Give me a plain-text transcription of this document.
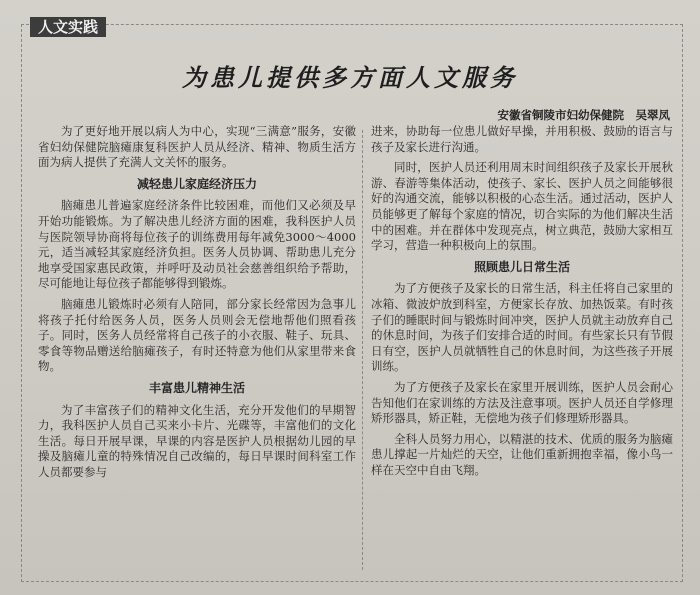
人文实践
为患儿提供多方面人文服务
安徽省铜陵市妇幼保健院　吴翠凤

为了更好地开展以病人为中心，实现“三满意”服务，安徽省妇幼保健院脑瘫康复科医护人员从经济、精神、物质生活方面为病人提供了充满人文关怀的服务。

减轻患儿家庭经济压力

脑瘫患儿普遍家庭经济条件比较困难，而他们又必须及早开始功能锻炼。为了解决患儿经济方面的困难，我科医护人员与医院领导协商将每位孩子的训练费用每年减免3000～4000元，适当减轻其家庭经济负担。医务人员协调、帮助患儿充分地享受国家惠民政策，并呼吁及动员社会慈善组织给予帮助，尽可能地让每位孩子都能够得到锻炼。

脑瘫患儿锻炼时必须有人陪同，部分家长经常因为急事儿将孩子托付给医务人员，医务人员则会无偿地帮他们照看孩子。同时，医务人员经常将自己孩子的小衣服、鞋子、玩具、零食等物品赠送给脑瘫孩子，有时还特意为他们从家里带来食物。

丰富患儿精神生活

为了丰富孩子们的精神文化生活，充分开发他们的早期智力，我科医护人员自己买来小卡片、光碟等，丰富他们的文化生活。每日开展早课，早课的内容是医护人员根据幼儿园的早操及脑瘫儿童的特殊情况自己改编的，每日早课时间科室工作人员都要参与

进来，协助每一位患儿做好早操，并用积极、鼓励的语言与孩子及家长进行沟通。

同时，医护人员还利用周末时间组织孩子及家长开展秋游、春游等集体活动，使孩子、家长、医护人员之间能够很好的沟通交流，能够以积极的心态生活。通过活动，医护人员能够更了解每个家庭的情况，切合实际的为他们解决生活中的困难。并在群体中发现亮点，树立典范，鼓励大家相互学习，营造一种积极向上的氛围。

照顾患儿日常生活

为了方便孩子及家长的日常生活，科主任将自己家里的冰箱、微波炉放到科室，方便家长存放、加热饭菜。有时孩子们的睡眠时间与锻炼时间冲突，医护人员就主动放弃自己的休息时间，为孩子们安排合适的时间。有些家长只有节假日有空，医护人员就牺牲自己的休息时间，为这些孩子开展训练。

为了方便孩子及家长在家里开展训练，医护人员会耐心告知他们在家训练的方法及注意事项。医护人员还自学修理矫形器具，矫正鞋，无偿地为孩子们修理矫形器具。

全科人员努力用心，以精湛的技术、优质的服务为脑瘫患儿撑起一片灿烂的天空，让他们重新拥抱幸福，像小鸟一样在天空中自由飞翔。
